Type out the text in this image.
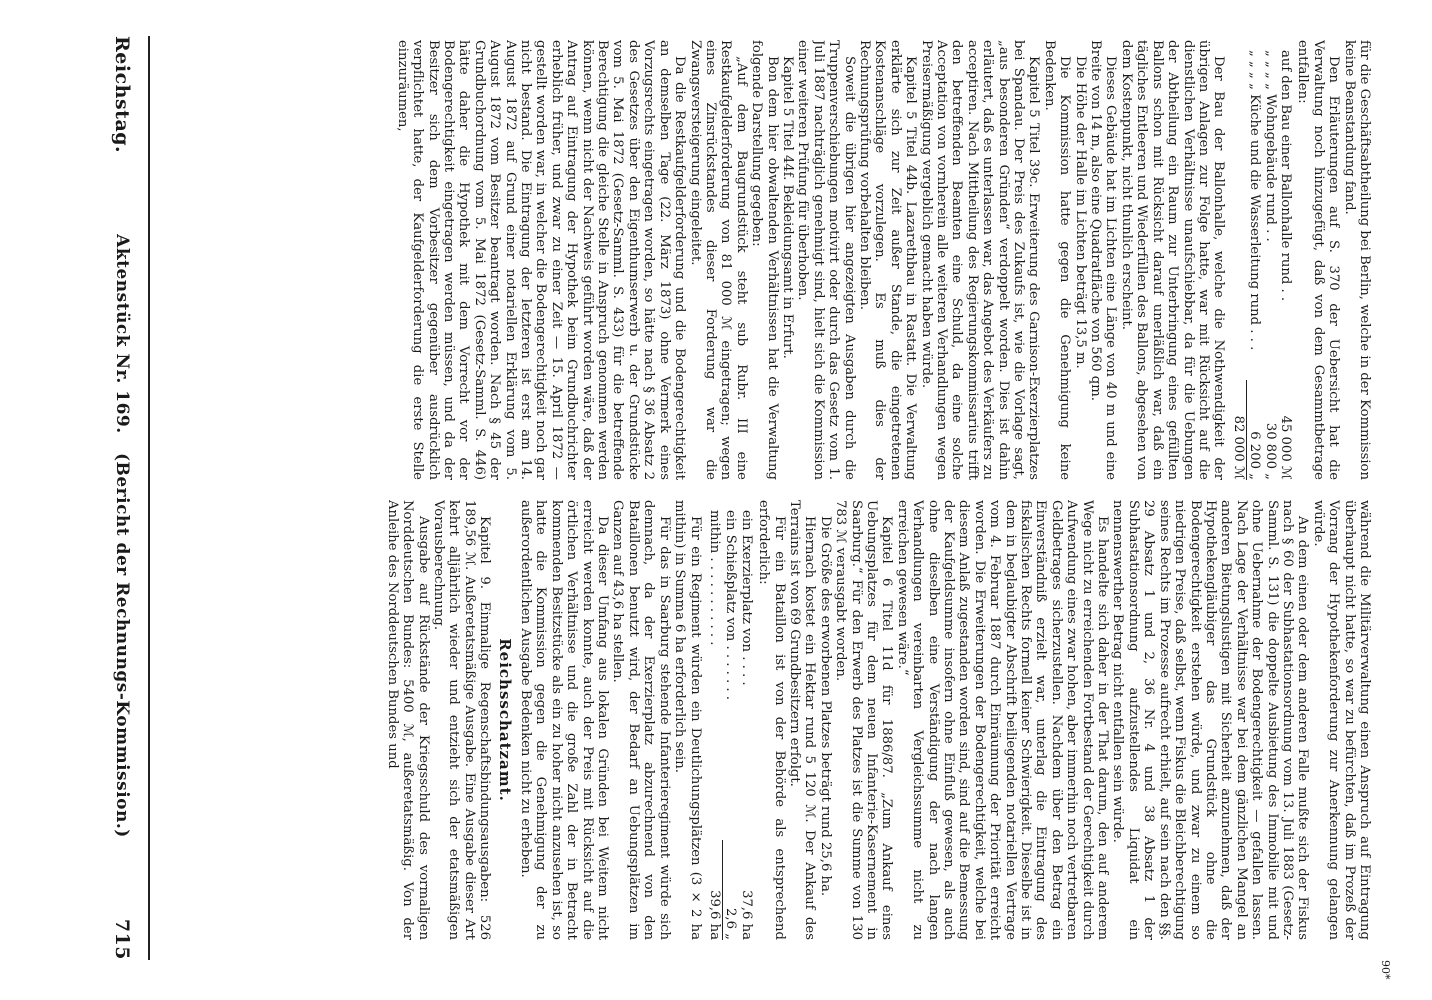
Reichstag.
Aktenstück Nr. 169.   (Bericht der Rechnungs-Kommission.)
715

für die Geschäftsabtheilung bei Berlin, welche in der Kommission keine Beanstandung fand.

Den Erläuterungen auf S. 370 der Uebersicht hat die Verwaltung noch hinzugefügt, daß von dem Gesammtbetrage entfallen:

auf den Bau einer Ballonhalle rund . .
45 000 ℳ
„ „ „ „ Wohngebäude rund . .
30 800 „
„ „ „ „ Küche und die Wasserleitung rund . . .
6 200 „
82 000 ℳ

Der Bau der Ballonhalle, welche die Nothwendigkeit der übrigen Anlagen zur Folge hatte, war mit Rücksicht auf die dienstlichen Verhältnisse unaufschiebbar, da für die Uebungen der Abtheilung ein Raum zur Unterbringung eines gefüllten Ballons schon mit Rücksicht darauf unerläßlich war, daß ein tägliches Entleeren und Wiederfüllen des Ballons, abgesehen von dem Kostenpunkt, nicht thunlich erscheint.

Dieses Gebäude hat im Lichten eine Länge von 40 m und eine Breite von 14 m, also eine Quadratfläche von 560 qm.

Die Höhe der Halle im Lichten beträgt 13,5 m.

Die Kommission hatte gegen die Genehmigung keine Bedenken.

Kapitel 5 Titel 39c. Erweiterung des Garnison-Exerzierplatzes bei Spandau. Der Preis des Zukaufs ist, wie die Vorlage sagt, „aus besonderen Gründen“ verdoppelt worden. Dies ist dahin erläutert, daß es unterlassen war, das Angebot des Verkäufers zu acceptiren. Nach Mittheilung des Regierungskommissarius trifft den betreffenden Beamten eine Schuld, da eine solche Acceptation von vornherein alle weiteren Verhandlungen wegen Preisermäßigung vergeblich gemacht haben würde.

Kapitel 5 Titel 44b. Lazarethbau in Rastatt. Die Verwaltung erklärte sich zur Zeit außer Stande, die eingetretenen Kostenanschläge vorzulegen. Es muß dies der Rechnungsprüfung vorbehalten bleiben.

Soweit die übrigen hier angezeigten Ausgaben durch die Truppenverschiebungen motivirt oder durch das Gesetz vom 1. Juli 1887 nachträglich genehmigt sind, hielt sich die Kommission einer weiteren Prüfung für überhoben.

Kapitel 5 Titel 44f. Bekleidungsamt in Erfurt.

Bon dem hier obwaltenden Verhältnissen hat die Verwaltung folgende Darstellung gegeben:

„Auf dem Baugrundstück steht sub Rubr. III eine Restkaufgelderforderung von 81 000 ℳ eingetragen; wegen eines Zinsrückstandes dieser Forderung war die Zwangsversteigerung eingeleitet.

Da die Restkaufgelderforderung und die Bodengerechtigkeit an demselben Tage (22. März 1873) ohne Vermerk eines Vorzugsrechts eingetragen worden, so hätte nach § 36 Absatz 2 des Gesetzes über den Eigenthumserwerb u. der Grundstücke vom 5. Mai 1872 (Gesetz-Samml. S. 433) für die betreffende Berechtigung die gleiche Stelle in Anspruch genommen werden können, wenn nicht der Nachweis geführt worden wäre, daß der Antrag auf Eintragung der Hypothek beim Grundbuchrichter erheblich früher, und zwar zu einer Zeit — 15. April 1872 — gestellt worden war, in welcher die Bodengerechtigkeit noch gar nicht bestand. Die Eintragung der letzteren ist erst am 14. August 1872 auf Grund einer notariellen Erklärung vom 5. August 1872 vom Besitzer beantragt worden. Nach § 45 der Grundbuchordnung vom 5. Mai 1872 (Gesetz-Samml. S. 446) hätte daher die Hypothek mit dem Vorrecht vor der Bodengerechtigkeit eingetragen werden müssen, und da der Besitzer sich dem Vorbesitzer gegenüber ausdrücklich verpflichtet hatte, der Kaufgelderforderung die erste Stelle einzuräumen,

während die Militärverwaltung einen Anspruch auf Eintragung überhaupt nicht hatte, so war zu befürchten, daß im Prozeß der Vorrang der Hypothekenforderung zur Anerkennung gelangen würde.

An dem einen oder dem anderen Falle mußte sich der Fiskus nach § 60 der Subhastationsordnung vom 13. Juli 1883 (Gesetz-Samml. S. 131) die doppelte Ausbietung des Immobilie mit und ohne Uebernahme der Bodengerechtigkeit — gefallen lassen. Nach Lage der Verhältnisse war bei dem gänzlichen Mangel an anderen Bietungslustigen mit Sicherheit anzunehmen, daß der Hypothekengläubiger das Grundstück ohne die Bodengerechtigkeit erstehen würde, und zwar zu einem so niedrigen Preise, daß selbst, wenn Fiskus die Bleichberechtigung seines Rechts im Prozesse aufrecht erhielt, auf sein nach den §§. 29 Absatz 1 und 2, 36 Nr. 4 und 38 Absatz 1 der Subhastationsordnung aufzustellendes Liquidat ein nennenswerther Betrag nicht entfallen sein würde.

Es handelte sich daher in der That darum, den auf anderem Wege nicht zu erreichenden Fortbestand der Gerechtigkeit durch Aufwendung eines zwar hohen, aber immerhin noch vertretbaren Geldbetrages sicherzustellen. Nachdem über den Betrag ein Einverständniß erzielt war, unterlag die Eintragung des fiskalischen Rechts formell keiner Schwierigkeit. Dieselbe ist in dem in beglaubigter Abschrift beiliegenden notariellen Vertrage vom 4. Februar 1887 durch Einräumung der Priorität erreicht worden. Die Erweiterungen der Bodengerechtigkeit, welche bei diesem Anlaß zugestanden worden sind, sind auf die Bemessung der Kaufgeldsumme insofern ohne Einfluß gewesen, als auch ohne dieselben eine Verständigung der nach langen Verhandlungen vereinbarten Vergleichssumme nicht zu erreichen gewesen wäre.“

Kapitel 6 Titel 11d für 1886/87. „Zum Ankauf eines Uebungsplatzes für dem neuen Infanterie-Kasernement in Saarburg.“ Für den Erwerb des Platzes ist die Summe von 130 783 ℳ verausgabt worden.

Die Größe des erworbenen Platzes beträgt rund 25,6 ha.

Hiernach kostet ein Hektar rund 5 120 ℳ. Der Ankauf des Terrains ist von 69 Grundbesitzern erfolgt.

Für ein Bataillon ist von der Behörde als entsprechend erforderlich:

ein Exerzierplatz von . . . .
37,6 ha
ein Schießplatz von . . . . . . .
2,6 „
mithin . . . . . . . . . . .
39,6 ha

Für ein Regiment würden ein Deutlichungsplätzen (3 × 2 ha mithin) in Summa 6 ha erforderlich sein.

Für das in Saarburg stehende Infanterieregiment würde sich demnach, da der Exerzierplatz abzurechnend von den Bataillonen benutzt wird, der Bedarf an Uebungsplätzen im Ganzen auf 43,6 ha stellen.

Da dieser Umfang aus lokalen Gründen bei Weitem nicht erreicht werden konnte, auch der Preis mit Rücksicht auf die örtlichen Verhältnisse und die große Zahl der in Betracht kommenden Besitzstücke als ein zu hoher nicht anzusehen ist, so hatte die Kommission gegen die Genehmigung der zu außerordentlichen Ausgabe Bedenken nicht zu erheben.

Reichsschatzamt.

Kapitel 9. Einmalige Regenschaftsbindungsausgaben: 526 189,56 ℳ. Außeretatsmäßige Ausgabe. Eine Ausgabe dieser Art kehrt alljährlich wieder und entzieht sich der etatsmäßigen Vorausberechnung.

Ausgabe auf Rückstände der Kriegsschuld des vormaligen Norddeutschen Bundes: 5400 ℳ, außeretatsmäßig. Von der Anleihe des Norddeutschen Bundes und

90*
